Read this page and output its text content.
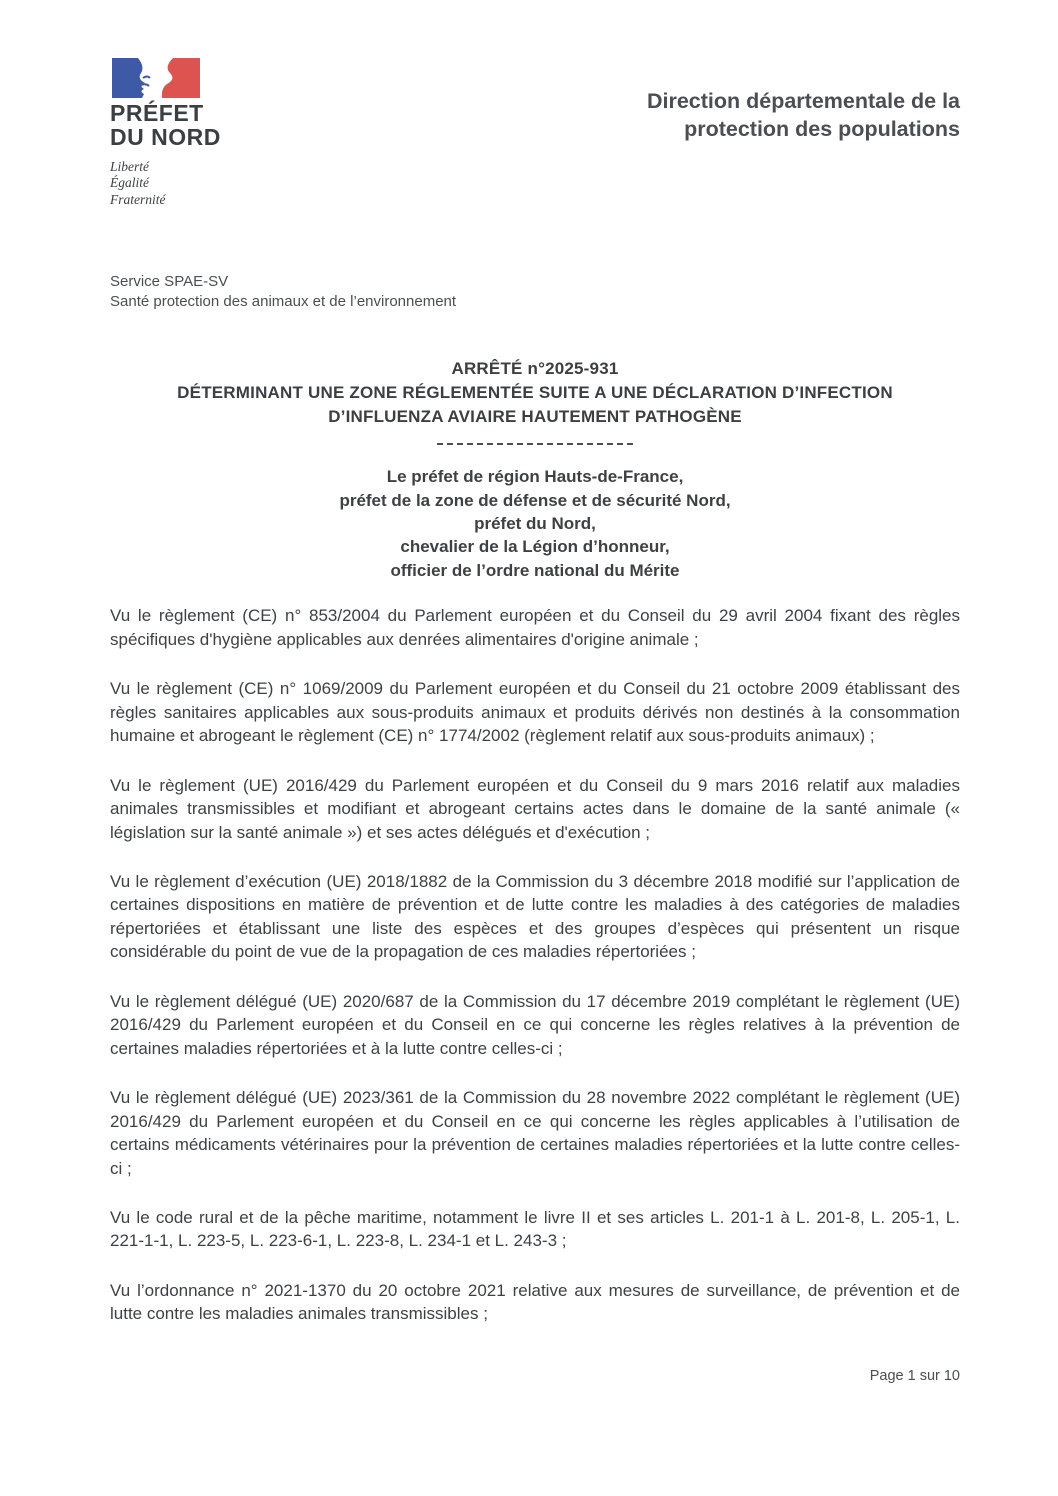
PRÉFET
DU NORD
Liberté
Égalité
Fraternité
Direction départementale de la
protection des populations
Service SPAE-SV
Santé protection des animaux et de l’environnement
ARRÊTÉ n°2025-931
DÉTERMINANT UNE ZONE RÉGLEMENTÉE SUITE A UNE DÉCLARATION D’INFECTION
D’INFLUENZA AVIAIRE HAUTEMENT PATHOGÈNE
Le préfet de région Hauts-de-France,
préfet de la zone de défense et de sécurité Nord,
préfet du Nord,
chevalier de la Légion d’honneur,
officier de l’ordre national du Mérite

Vu le règlement (CE) n° 853/2004 du Parlement européen et du Conseil du 29 avril 2004 fixant des règles spécifiques d'hygiène applicables aux denrées alimentaires d'origine animale ;

Vu le règlement (CE) n° 1069/2009 du Parlement européen et du Conseil du 21 octobre 2009 établissant des règles sanitaires applicables aux sous-produits animaux et produits dérivés non destinés à la consommation humaine et abrogeant le règlement (CE) n° 1774/2002 (règlement relatif aux sous-produits animaux) ;

Vu le règlement (UE) 2016/429 du Parlement européen et du Conseil du 9 mars 2016 relatif aux maladies animales transmissibles et modifiant et abrogeant certains actes dans le domaine de la santé animale (« législation sur la santé animale ») et ses actes délégués et d'exécution ;

Vu le règlement d’exécution (UE) 2018/1882 de la Commission du 3 décembre 2018 modifié sur l’application de certaines dispositions en matière de prévention et de lutte contre les maladies à des catégories de maladies répertoriées et établissant une liste des espèces et des groupes d’espèces qui présentent un risque considérable du point de vue de la propagation de ces maladies répertoriées ;

Vu le règlement délégué (UE) 2020/687 de la Commission du 17 décembre 2019 complétant le règlement (UE) 2016/429 du Parlement européen et du Conseil en ce qui concerne les règles relatives à la prévention de certaines maladies répertoriées et à la lutte contre celles-ci ;

Vu le règlement délégué (UE) 2023/361 de la Commission du 28 novembre 2022 complétant le règlement (UE) 2016/429 du Parlement européen et du Conseil en ce qui concerne les règles applicables à l’utilisation de certains médicaments vétérinaires pour la prévention de certaines maladies répertoriées et la lutte contre celles-ci ;

Vu le code rural et de la pêche maritime, notamment le livre II et ses articles L. 201-1 à L. 201-8, L. 205-1, L. 221-1-1, L. 223-5, L. 223-6-1, L. 223-8, L. 234-1 et L. 243-3 ;

Vu l’ordonnance n° 2021-1370 du 20 octobre 2021 relative aux mesures de surveillance, de prévention et de lutte contre les maladies animales transmissibles ;

Page 1 sur 10
